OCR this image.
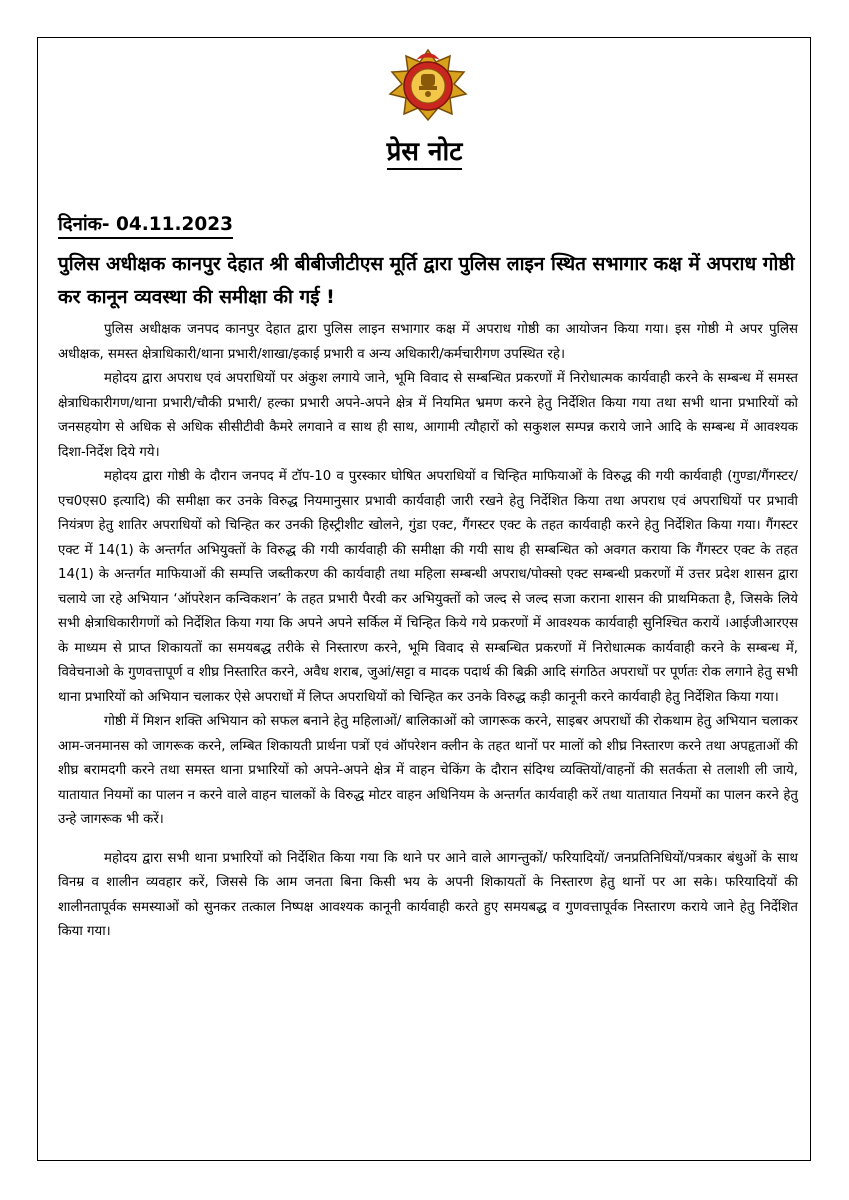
प्रेस नोट
दिनांक- 04.11.2023
पुलिस अधीक्षक कानपुर देहात श्री बीबीजीटीएस मूर्ति द्वारा पुलिस लाइन स्थित सभागार कक्ष में अपराध गोष्ठी कर कानून व्यवस्था की समीक्षा की गई !

पुलिस अधीक्षक जनपद कानपुर देहात द्वारा पुलिस लाइन सभागार कक्ष में अपराध गोष्ठी का आयोजन किया गया। इस गोष्ठी मे अपर पुलिस अधीक्षक, समस्त क्षेत्राधिकारी/थाना प्रभारी/शाखा/इकाई प्रभारी व अन्य अधिकारी/कर्मचारीगण उपस्थित रहे।

महोदय द्वारा अपराध एवं अपराधियों पर अंकुश लगाये जाने, भूमि विवाद से सम्बन्धित प्रकरणों में निरोधात्मक कार्यवाही करने के सम्बन्ध में समस्त क्षेत्राधिकारीगण/थाना प्रभारी/चौकी प्रभारी/ हल्का प्रभारी अपने-अपने क्षेत्र में नियमित भ्रमण करने हेतु निर्देशित किया गया तथा सभी थाना प्रभारियों को जनसहयोग से अधिक से अधिक सीसीटीवी कैमरे लगवाने व साथ ही साथ, आगामी त्यौहारों को सकुशल सम्पन्न कराये जाने आदि के सम्बन्ध में आवश्यक दिशा-निर्देश दिये गये।

महोदय द्वारा गोष्ठी के दौरान जनपद में टॉप-10 व पुरस्कार घोषित अपराधियों व चिन्हित माफियाओं के विरुद्ध की गयी कार्यवाही (गुण्डा/गैंगस्टर/एच0एस0 इत्यादि) की समीक्षा कर उनके विरुद्ध नियमानुसार प्रभावी कार्यवाही जारी रखने हेतु निर्देशित किया तथा अपराध एवं अपराधियों पर प्रभावी नियंत्रण हेतु शातिर अपराधियों को चिन्हित कर उनकी हिस्ट्रीशीट खोलने, गुंडा एक्ट, गैंगस्टर एक्ट के तहत कार्यवाही करने हेतु निर्देशित किया गया। गैंगस्टर एक्ट में 14(1) के अन्तर्गत अभियुक्तों के विरुद्ध की गयी कार्यवाही की समीक्षा की गयी साथ ही सम्बन्धित को अवगत कराया कि गैंगस्टर एक्ट के तहत 14(1) के अन्तर्गत माफियाओं की सम्पत्ति जब्तीकरण की कार्यवाही तथा महिला सम्बन्धी अपराध/पोक्सो एक्ट सम्बन्धी प्रकरणों में उत्तर प्रदेश शासन द्वारा चलाये जा रहे अभियान ‘ऑपरेशन कन्विकशन’ के तहत प्रभारी पैरवी कर अभियुक्तों को जल्द से जल्द सजा कराना शासन की प्राथमिकता है, जिसके लिये सभी क्षेत्राधिकारीगणों को निर्देशित किया गया कि अपने अपने सर्किल में चिन्हित किये गये प्रकरणों में आवश्यक कार्यवाही सुनिश्चित करायें ।आईजीआरएस के माध्यम से प्राप्त शिकायतों का समयबद्ध तरीके से निस्तारण करने, भूमि विवाद से सम्बन्धित प्रकरणों में निरोधात्मक कार्यवाही करने के सम्बन्ध में, विवेचनाओ के गुणवत्तापूर्ण व शीघ्र निस्तारित करने, अवैध शराब, जुआं/सट्टा व मादक पदार्थ की बिक्री आदि संगठित अपराधों पर पूर्णतः रोक लगाने हेतु सभी थाना प्रभारियों को अभियान चलाकर ऐसे अपराधों में लिप्त अपराधियों को चिन्हित कर उनके विरुद्ध कड़ी कानूनी करने कार्यवाही हेतु निर्देशित किया गया।

गोष्ठी में मिशन शक्ति अभियान को सफल बनाने हेतु महिलाओं/ बालिकाओं को जागरूक करने, साइबर अपराधों की रोकथाम हेतु अभियान चलाकर आम-जनमानस को जागरूक करने, लम्बित शिकायती प्रार्थना पत्रों एवं ऑपरेशन क्लीन के तहत थानों पर मालों को शीघ्र निस्तारण करने तथा अपहृताओं की शीघ्र बरामदगी करने तथा समस्त थाना प्रभारियों को अपने-अपने क्षेत्र में वाहन चेकिंग के दौरान संदिग्ध व्यक्तियों/वाहनों की सतर्कता से तलाशी ली जाये, यातायात नियमों का पालन न करने वाले वाहन चालकों के विरुद्ध मोटर वाहन अधिनियम के अन्तर्गत कार्यवाही करें तथा यातायात नियमों का पालन करने हेतु उन्हे जागरूक भी करें।

महोदय द्वारा सभी थाना प्रभारियों को निर्देशित किया गया कि थाने पर आने वाले आगन्तुकों/ फरियादियों/ जनप्रतिनिधियों/पत्रकार बंधुओं के साथ विनम्र व शालीन व्यवहार करें, जिससे कि आम जनता बिना किसी भय के अपनी शिकायतों के निस्तारण हेतु थानों पर आ सके। फरियादियों की शालीनतापूर्वक समस्याओं को सुनकर तत्काल निष्पक्ष आवश्यक कानूनी कार्यवाही करते हुए समयबद्ध व गुणवत्तापूर्वक निस्तारण कराये जाने हेतु निर्देशित किया गया।
